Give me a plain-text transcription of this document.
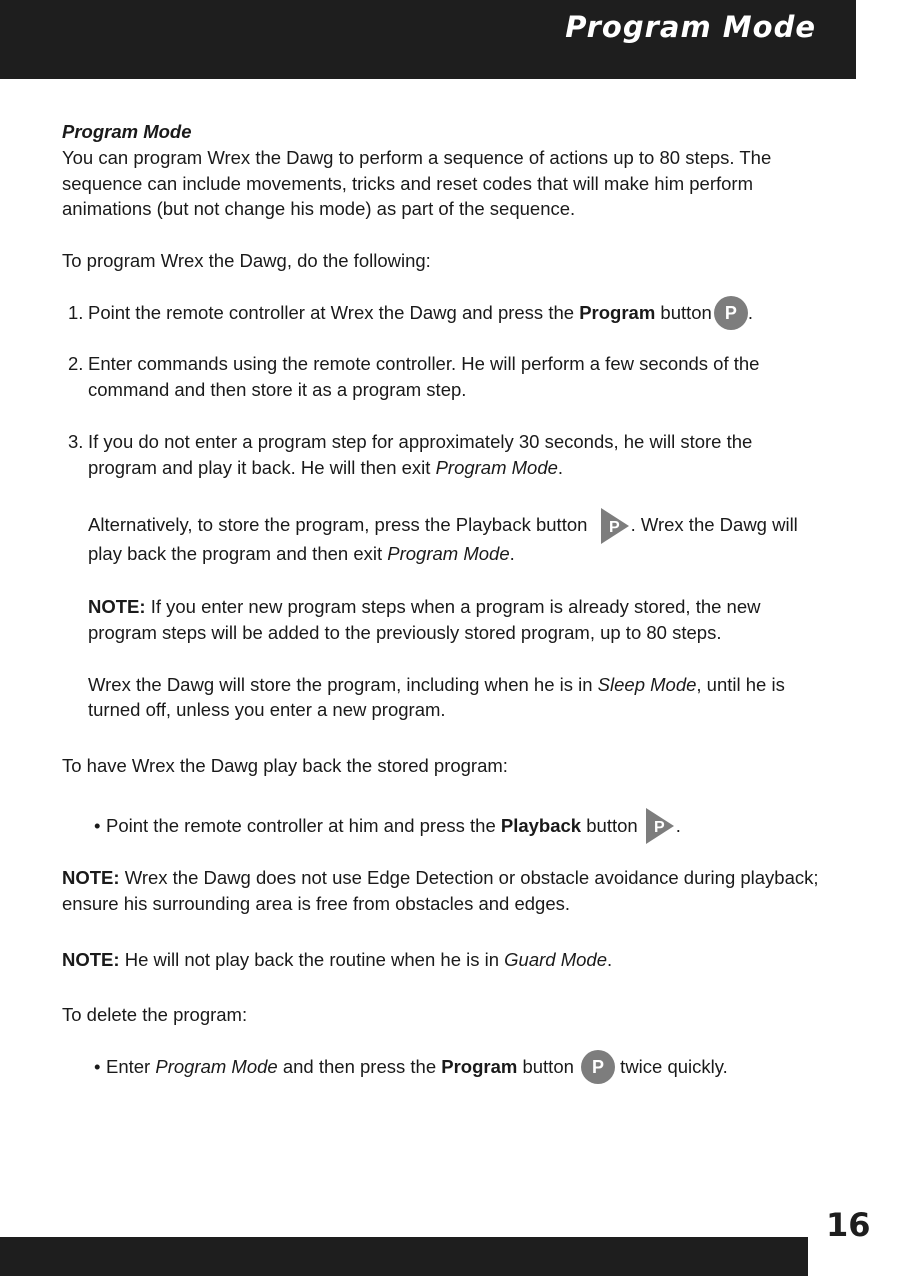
Program Mode

Program Mode

You can program Wrex the Dawg to perform a sequence of actions up to 80 steps. The sequence can include movements, tricks and reset codes that will make him perform animations (but not change his mode) as part of the sequence.

To program Wrex the Dawg, do the following:

1. Point the remote controller at Wrex the Dawg and press the Program button P .
2. Enter commands using the remote controller. He will perform a few seconds of the command and then store it as a program step.
3. If you do not enter a program step for approximately 30 seconds, he will store the program and play it back. He will then exit Program Mode.

Alternatively, to store the program, press the Playback button P . Wrex the Dawg will play back the program and then exit Program Mode.

NOTE: If you enter new program steps when a program is already stored, the new program steps will be added to the previously stored program, up to 80 steps.

Wrex the Dawg will store the program, including when he is in Sleep Mode, until he is turned off, unless you enter a new program.

To have Wrex the Dawg play back the stored program:

• Point the remote controller at him and press the Playback button P .

NOTE: Wrex the Dawg does not use Edge Detection or obstacle avoidance during playback; ensure his surrounding area is free from obstacles and edges.

NOTE: He will not play back the routine when he is in Guard Mode.

To delete the program:

• Enter Program Mode and then press the Program button P twice quickly.

16
